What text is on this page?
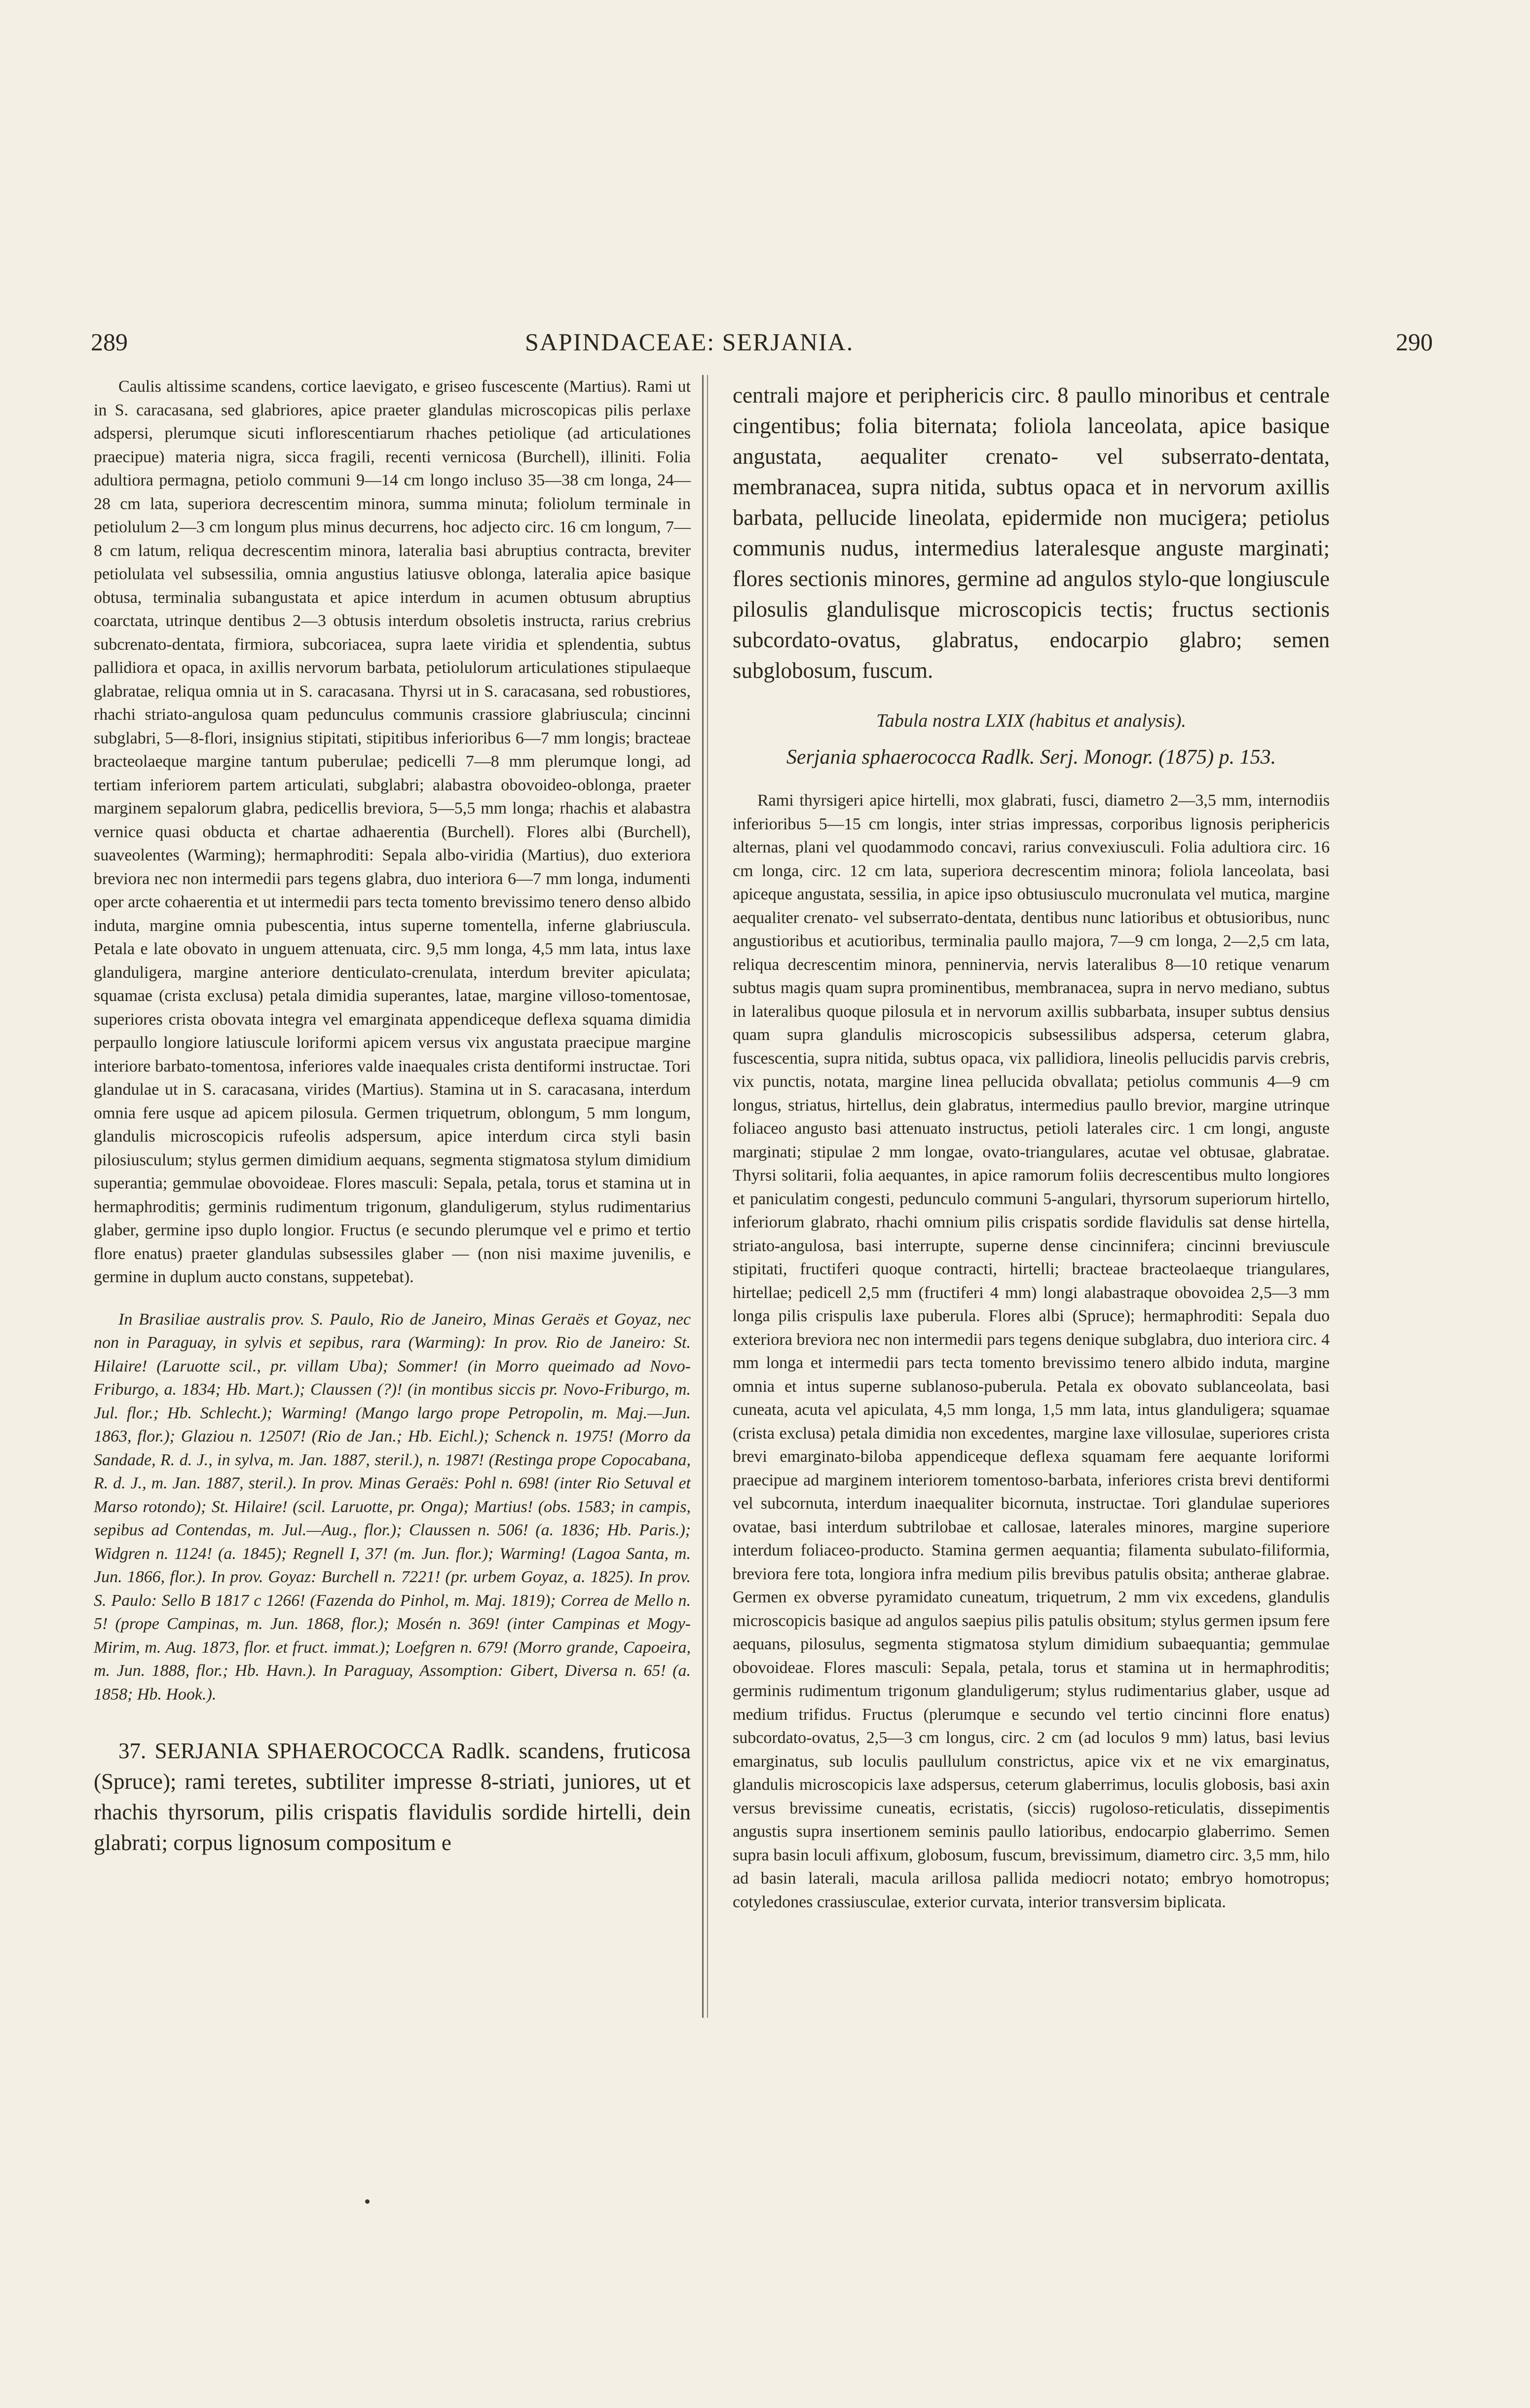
289	SAPINDACEAE: SERJANIA.	290

Caulis altissime scandens, cortice laevigato, e griseo fuscescente (Martius). Rami ut in S. caracasana, sed glabriores, apice praeter glandulas microscopicas pilis perlaxe adspersi, plerumque sicuti inflorescentiarum rhaches petiolique (ad articulationes praecipue) materia nigra, sicca fragili, recenti vernicosa (Burchell), illiniti. Folia adultiora permagna, petiolo communi 9—14 cm longo incluso 35—38 cm longa, 24—28 cm lata, superiora decrescentim minora, summa minuta; foliolum terminale in petiolulum 2—3 cm longum plus minus decurrens, hoc adjecto circ. 16 cm longum, 7—8 cm latum, reliqua decrescentim minora, lateralia basi abruptius contracta, breviter petiolulata vel subsessilia, omnia angustius latiusve oblonga, lateralia apice basique obtusa, terminalia subangustata et apice interdum in acumen obtusum abruptius coarctata, utrinque dentibus 2—3 obtusis interdum obsoletis instructa, rarius crebrius subcrenato-dentata, firmiora, subcoriacea, supra laete viridia et splendentia, subtus pallidiora et opaca, in axillis nervorum barbata, petiolulorum articulationes stipulaeque glabratae, reliqua omnia ut in S. caracasana. Thyrsi ut in S. caracasana, sed robustiores, rhachi striato-angulosa quam pedunculus communis crassiore glabriuscula; cincinni subglabri, 5—8-flori, insignius stipitati, stipitibus inferioribus 6—7 mm longis; bracteae bracteolaeque margine tantum puberulae; pedicelli 7—8 mm plerumque longi, ad tertiam inferiorem partem articulati, subglabri; alabastra obovoideo-oblonga, praeter marginem sepalorum glabra, pedicellis breviora, 5—5,5 mm longa; rhachis et alabastra vernice quasi obducta et chartae adhaerentia (Burchell). Flores albi (Burchell), suaveolentes (Warming); hermaphroditi: Sepala albo-viridia (Martius), duo exteriora breviora nec non intermedii pars tegens glabra, duo interiora 6—7 mm longa, indumenti oper arcte cohaerentia et ut intermedii pars tecta tomento brevissimo tenero denso albido induta, margine omnia pubescentia, intus superne tomentella, inferne glabriuscula. Petala e late obovato in unguem attenuata, circ. 9,5 mm longa, 4,5 mm lata, intus laxe glanduligera, margine anteriore denticulato-crenulata, interdum breviter apiculata; squamae (crista exclusa) petala dimidia superantes, latae, margine villoso-tomentosae, superiores crista obovata integra vel emarginata appendiceque deflexa squama dimidia perpaullo longiore latiuscule loriformi apicem versus vix angustata praecipue margine interiore barbato-tomentosa, inferiores valde inaequales crista dentiformi instructae. Tori glandulae ut in S. caracasana, virides (Martius). Stamina ut in S. caracasana, interdum omnia fere usque ad apicem pilosula. Germen triquetrum, oblongum, 5 mm longum, glandulis microscopicis rufeolis adspersum, apice interdum circa styli basin pilosiusculum; stylus germen dimidium aequans, segmenta stigmatosa stylum dimidium superantia; gemmulae obovoideae. Flores masculi: Sepala, petala, torus et stamina ut in hermaphroditis; germinis rudimentum trigonum, glanduligerum, stylus rudimentarius glaber, germine ipso duplo longior. Fructus (e secundo plerumque vel e primo et tertio flore enatus) praeter glandulas subsessiles glaber — (non nisi maxime juvenilis, e germine in duplum aucto constans, suppetebat).

In Brasiliae australis prov. S. Paulo, Rio de Janeiro, Minas Geraës et Goyaz, nec non in Paraguay, in sylvis et sepibus, rara (Warming): In prov. Rio de Janeiro: St. Hilaire! (Laruotte scil., pr. villam Uba); Sommer! (in Morro queimado ad Novo-Friburgo, a. 1834; Hb. Mart.); Claussen (?)! (in montibus siccis pr. Novo-Friburgo, m. Jul. flor.; Hb. Schlecht.); Warming! (Mango largo prope Petropolin, m. Maj.—Jun. 1863, flor.); Glaziou n. 12507! (Rio de Jan.; Hb. Eichl.); Schenck n. 1975! (Morro da Sandade, R. d. J., in sylva, m. Jan. 1887, steril.), n. 1987! (Restinga prope Copocabana, R. d. J., m. Jan. 1887, steril.). In prov. Minas Geraës: Pohl n. 698! (inter Rio Setuval et Marso rotondo); St. Hilaire! (scil. Laruotte, pr. Onga); Martius! (obs. 1583; in campis, sepibus ad Contendas, m. Jul.—Aug., flor.); Claussen n. 506! (a. 1836; Hb. Paris.); Widgren n. 1124! (a. 1845); Regnell I, 37! (m. Jun. flor.); Warming! (Lagoa Santa, m. Jun. 1866, flor.). In prov. Goyaz: Burchell n. 7221! (pr. urbem Goyaz, a. 1825). In prov. S. Paulo: Sello B 1817 c 1266! (Fazenda do Pinhol, m. Maj. 1819); Correa de Mello n. 5! (prope Campinas, m. Jun. 1868, flor.); Mosén n. 369! (inter Campinas et Mogy-Mirim, m. Aug. 1873, flor. et fruct. immat.); Loefgren n. 679! (Morro grande, Capoeira, m. Jun. 1888, flor.; Hb. Havn.). In Paraguay, Assomption: Gibert, Diversa n. 65! (a. 1858; Hb. Hook.).

37. SERJANIA SPHAEROCOCCA Radlk. scandens, fruticosa (Spruce); rami teretes, subtiliter impresse 8-striati, juniores, ut et rhachis thyrsorum, pilis crispatis flavidulis sordide hirtelli, dein glabrati; corpus lignosum compositum e

centrali majore et periphericis circ. 8 paullo minoribus et centrale cingentibus; folia biternata; foliola lanceolata, apice basique angustata, aequaliter crenato- vel subserrato-dentata, membranacea, supra nitida, subtus opaca et in nervorum axillis barbata, pellucide lineolata, epidermide non mucigera; petiolus communis nudus, intermedius lateralesque anguste marginati; flores sectionis minores, germine ad angulos stylo-que longiuscule pilosulis glandulisque microscopicis tectis; fructus sectionis subcordato-ovatus, glabratus, endocarpio glabro; semen subglobosum, fuscum.

Tabula nostra LXIX (habitus et analysis).

Serjania sphaerococca Radlk. Serj. Monogr. (1875) p. 153.

Rami thyrsigeri apice hirtelli, mox glabrati, fusci, diametro 2—3,5 mm, internodiis inferioribus 5—15 cm longis, inter strias impressas, corporibus lignosis periphericis alternas, plani vel quodammodo concavi, rarius convexiusculi. Folia adultiora circ. 16 cm longa, circ. 12 cm lata, superiora decrescentim minora; foliola lanceolata, basi apiceque angustata, sessilia, in apice ipso obtusiusculo mucronulata vel mutica, margine aequaliter crenato- vel subserrato-dentata, dentibus nunc latioribus et obtusioribus, nunc angustioribus et acutioribus, terminalia paullo majora, 7—9 cm longa, 2—2,5 cm lata, reliqua decrescentim minora, penninervia, nervis lateralibus 8—10 retique venarum subtus magis quam supra prominentibus, membranacea, supra in nervo mediano, subtus in lateralibus quoque pilosula et in nervorum axillis subbarbata, insuper subtus densius quam supra glandulis microscopicis subsessilibus adspersa, ceterum glabra, fuscescentia, supra nitida, subtus opaca, vix pallidiora, lineolis pellucidis parvis crebris, vix punctis, notata, margine linea pellucida obvallata; petiolus communis 4—9 cm longus, striatus, hirtellus, dein glabratus, intermedius paullo brevior, margine utrinque foliaceo angusto basi attenuato instructus, petioli laterales circ. 1 cm longi, anguste marginati; stipulae 2 mm longae, ovato-triangulares, acutae vel obtusae, glabratae. Thyrsi solitarii, folia aequantes, in apice ramorum foliis decrescentibus multo longiores et paniculatim congesti, pedunculo communi 5-angulari, thyrsorum superiorum hirtello, inferiorum glabrato, rhachi omnium pilis crispatis sordide flavidulis sat dense hirtella, striato-angulosa, basi interrupte, superne dense cincinnifera; cincinni breviuscule stipitati, fructiferi quoque contracti, hirtelli; bracteae bracteolaeque triangulares, hirtellae; pedicell 2,5 mm (fructiferi 4 mm) longi alabastraque obovoidea 2,5—3 mm longa pilis crispulis laxe puberula. Flores albi (Spruce); hermaphroditi: Sepala duo exteriora breviora nec non intermedii pars tegens denique subglabra, duo interiora circ. 4 mm longa et intermedii pars tecta tomento brevissimo tenero albido induta, margine omnia et intus superne sublanoso-puberula. Petala ex obovato sublanceolata, basi cuneata, acuta vel apiculata, 4,5 mm longa, 1,5 mm lata, intus glanduligera; squamae (crista exclusa) petala dimidia non excedentes, margine laxe villosulae, superiores crista brevi emarginato-biloba appendiceque deflexa squamam fere aequante loriformi praecipue ad marginem interiorem tomentoso-barbata, inferiores crista brevi dentiformi vel subcornuta, interdum inaequaliter bicornuta, instructae. Tori glandulae superiores ovatae, basi interdum subtrilobae et callosae, laterales minores, margine superiore interdum foliaceo-producto. Stamina germen aequantia; filamenta subulato-filiformia, breviora fere tota, longiora infra medium pilis brevibus patulis obsita; antherae glabrae. Germen ex obverse pyramidato cuneatum, triquetrum, 2 mm vix excedens, glandulis microscopicis basique ad angulos saepius pilis patulis obsitum; stylus germen ipsum fere aequans, pilosulus, segmenta stigmatosa stylum dimidium subaequantia; gemmulae obovoideae. Flores masculi: Sepala, petala, torus et stamina ut in hermaphroditis; germinis rudimentum trigonum glanduligerum; stylus rudimentarius glaber, usque ad medium trifidus. Fructus (plerumque e secundo vel tertio cincinni flore enatus) subcordato-ovatus, 2,5—3 cm longus, circ. 2 cm (ad loculos 9 mm) latus, basi levius emarginatus, sub loculis paullulum constrictus, apice vix et ne vix emarginatus, glandulis microscopicis laxe adspersus, ceterum glaberrimus, loculis globosis, basi axin versus brevissime cuneatis, ecristatis, (siccis) rugoloso-reticulatis, dissepimentis angustis supra insertionem seminis paullo latioribus, endocarpio glaberrimo. Semen supra basin loculi affixum, globosum, fuscum, brevissimum, diametro circ. 3,5 mm, hilo ad basin laterali, macula arillosa pallida mediocri notato; embryo homotropus; cotyledones crassiusculae, exterior curvata, interior transversim biplicata.
